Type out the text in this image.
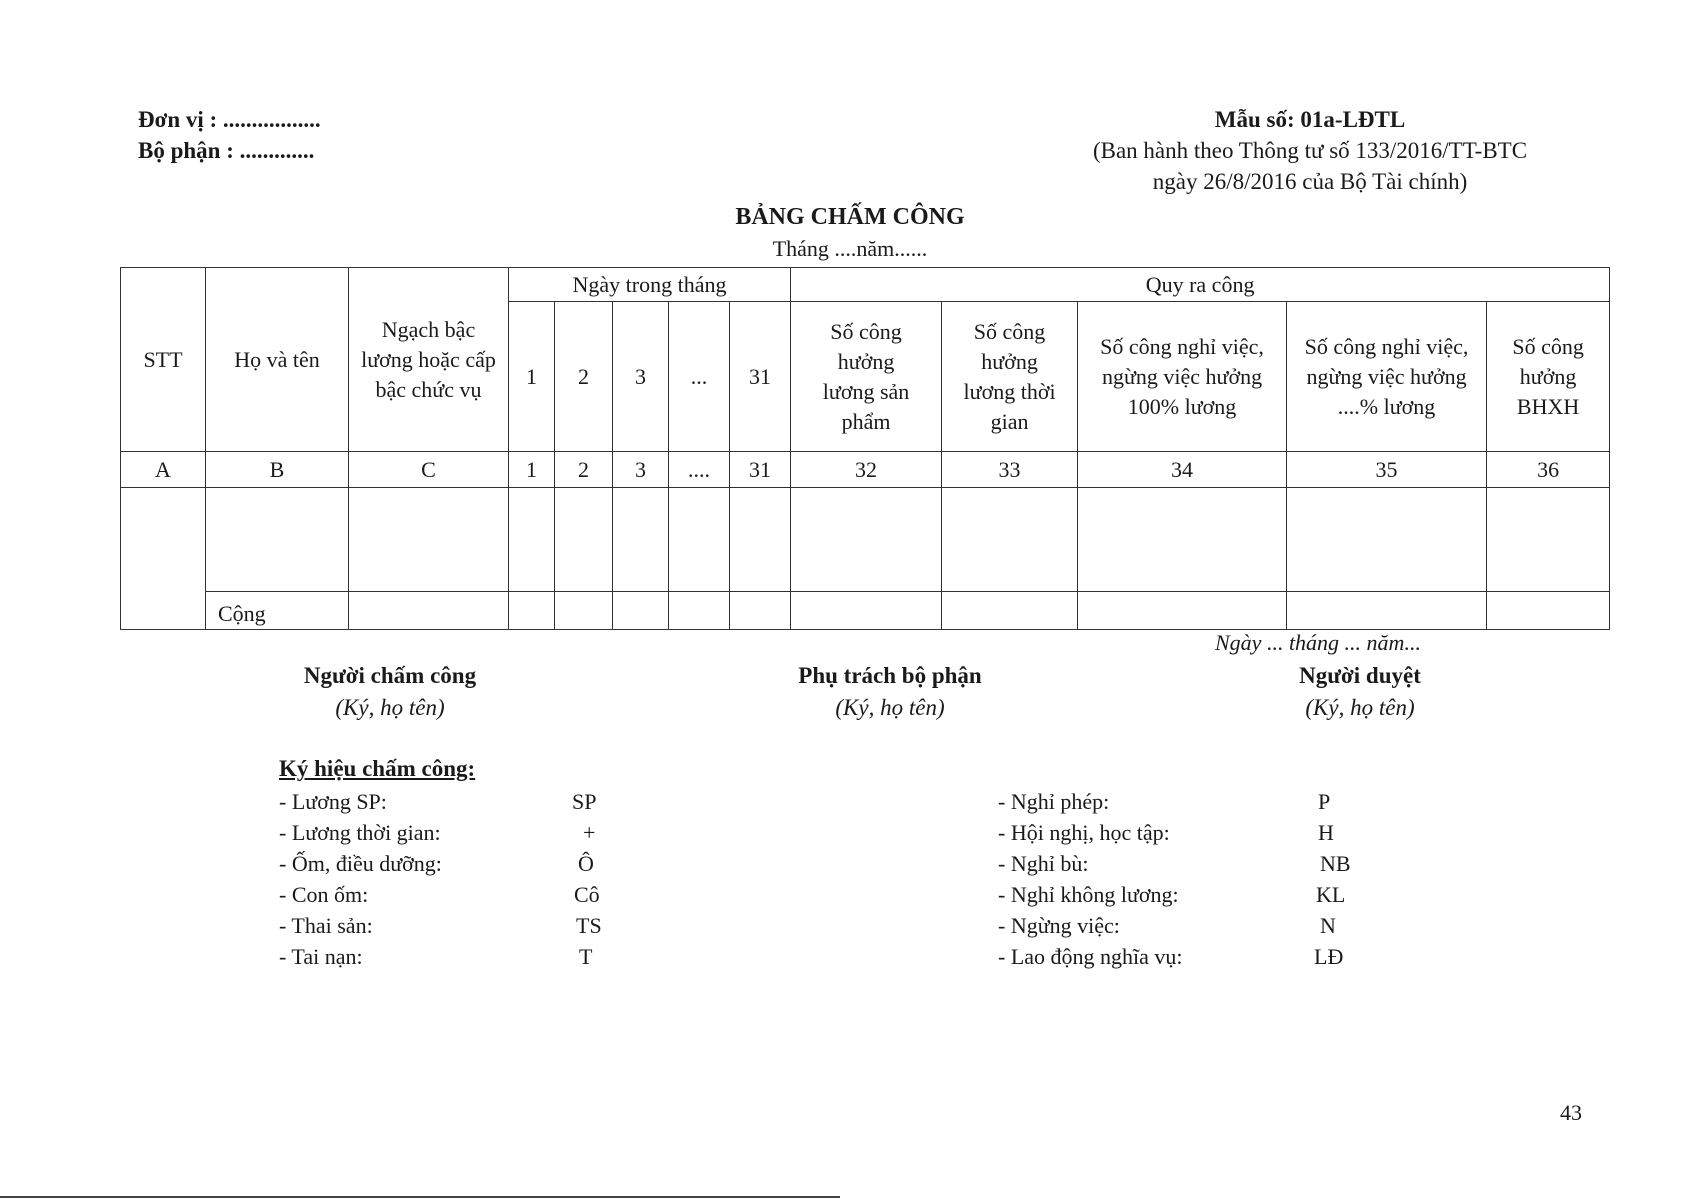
Đơn vị : .................
Bộ phận : .............
Mẫu số: 01a-LĐTL
(Ban hành theo Thông tư số 133/2016/TT-BTC
ngày 26/8/2016 của Bộ Tài chính)
BẢNG CHẤM CÔNG
Tháng ....năm......
STT	Họ và tên	Ngạch bậc lương hoặc cấp bậc chức vụ	Ngày trong tháng					Quy ra công				
			1	2	3	...	31	Số công hưởng lương sản phẩm	Số công hưởng lương thời gian	Số công nghỉ việc, ngừng việc hưởng 100% lương	Số công nghỉ việc, ngừng việc hưởng ....% lương	Số công hưởng BHXH
A	B	C	1	2	3	....	31	32	33	34	35	36

	Cộng											
Ngày ... tháng ... năm...
Người chấm công
(Ký, họ tên)
Phụ trách bộ phận
(Ký, họ tên)
Người duyệt
(Ký, họ tên)
Ký hiệu chấm công:
- Lương SP:	SP
- Lương thời gian:	+
- Ốm, điều dưỡng:	Ô
- Con ốm:	Cô
- Thai sản:	TS
- Tai nạn:	T
- Nghỉ phép:	P
- Hội nghị, học tập:	H
- Nghỉ bù:	NB
- Nghỉ không lương:	KL
- Ngừng việc:	N
- Lao động nghĩa vụ:	LĐ
43
